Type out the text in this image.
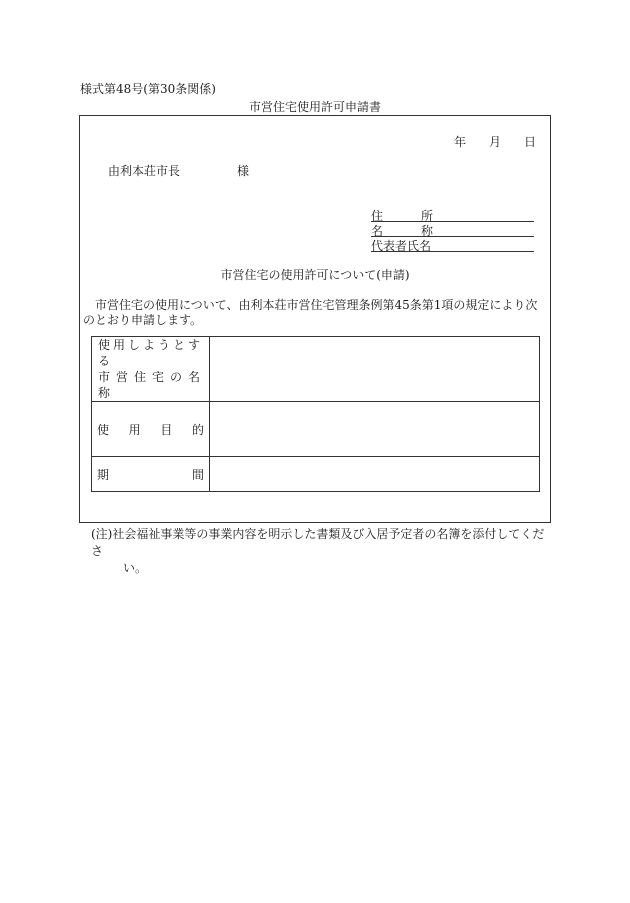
様式第48号(第30条関係)
市営住宅使用許可申請書
年 月 日
由利本荘市長	様
住	所
名	称
代表者氏名
市営住宅の使用許可について(申請)
市営住宅の使用について、由利本荘市営住宅管理条例第45条第1項の規定により次のとおり申請します。
使用しようとする
市営住宅の名称	

使 用 目 的	

期 間	

(注)社会福祉事業等の事業内容を明示した書類及び入居予定者の名簿を添付してくださ
い。
